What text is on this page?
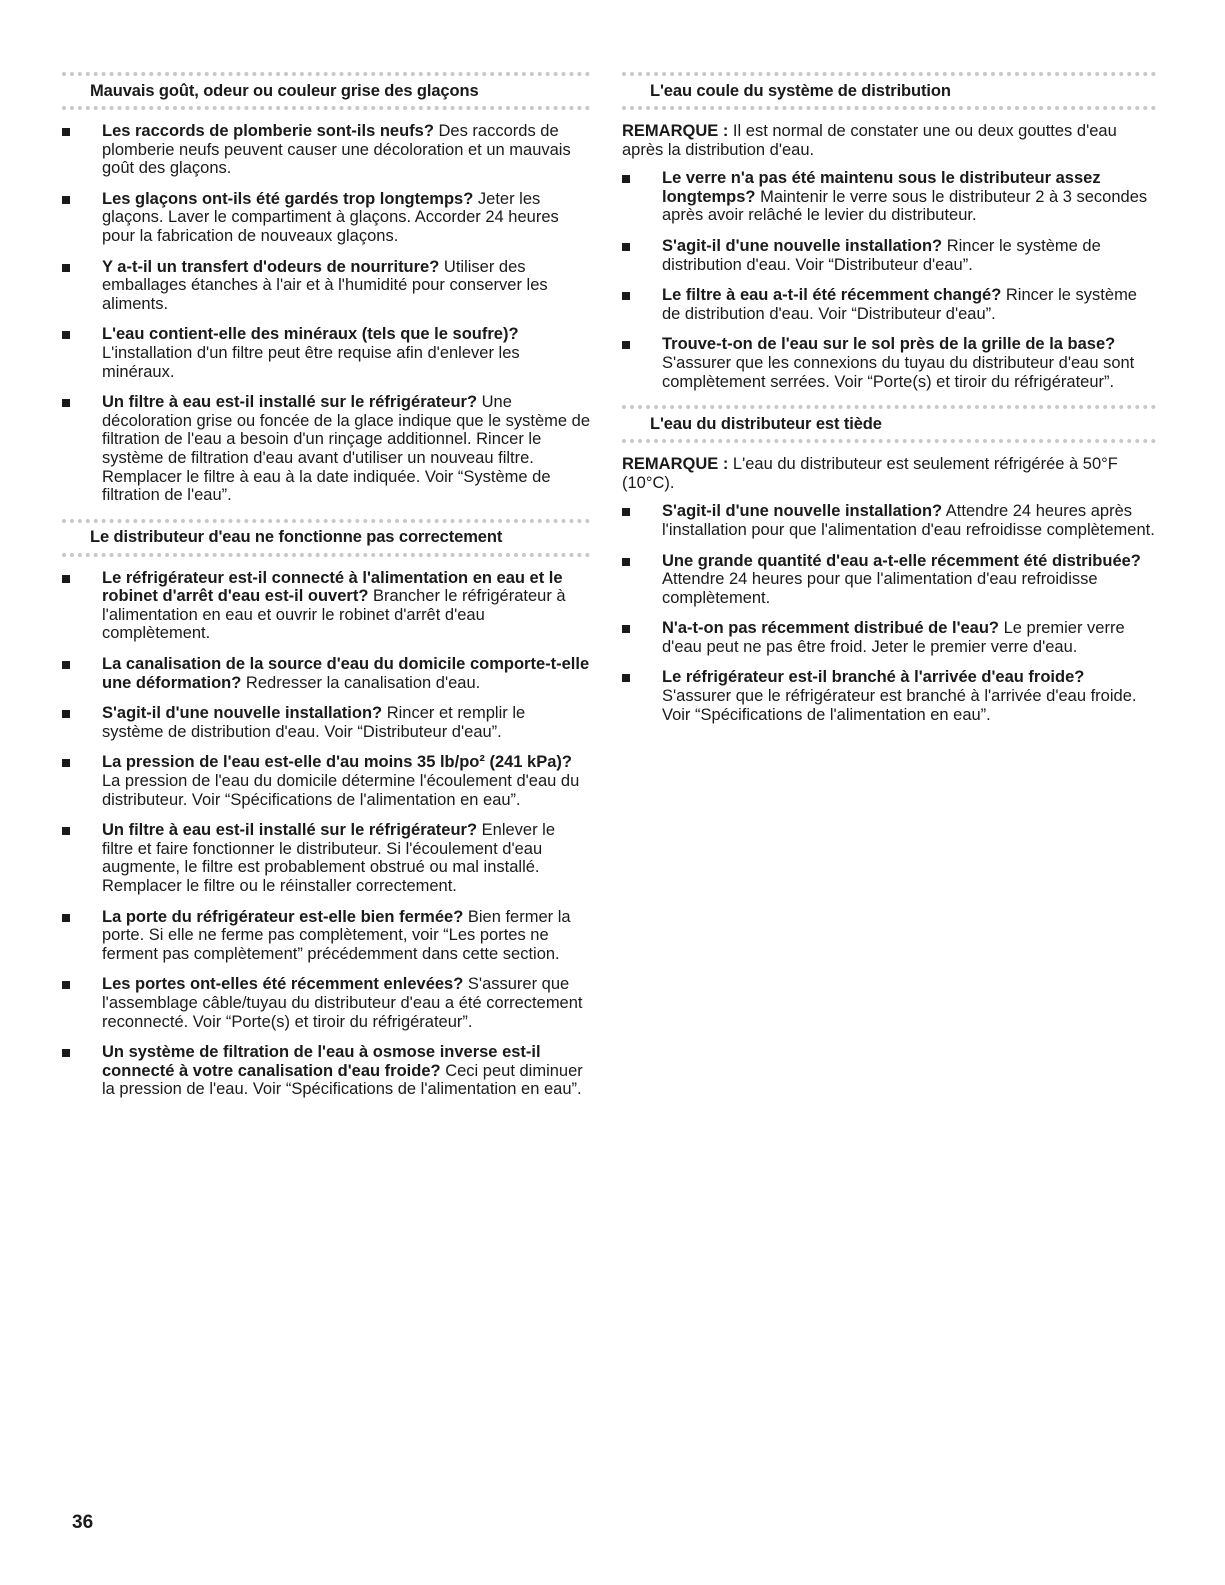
Mauvais goût, odeur ou couleur grise des glaçons
Les raccords de plomberie sont-ils neufs? Des raccords de plomberie neufs peuvent causer une décoloration et un mauvais goût des glaçons.
Les glaçons ont-ils été gardés trop longtemps? Jeter les glaçons. Laver le compartiment à glaçons. Accorder 24 heures pour la fabrication de nouveaux glaçons.
Y a-t-il un transfert d'odeurs de nourriture? Utiliser des emballages étanches à l'air et à l'humidité pour conserver les aliments.
L'eau contient-elle des minéraux (tels que le soufre)? L'installation d'un filtre peut être requise afin d'enlever les minéraux.
Un filtre à eau est-il installé sur le réfrigérateur? Une décoloration grise ou foncée de la glace indique que le système de filtration de l'eau a besoin d'un rinçage additionnel. Rincer le système de filtration d'eau avant d'utiliser un nouveau filtre. Remplacer le filtre à eau à la date indiquée. Voir “Système de filtration de l'eau”.
Le distributeur d'eau ne fonctionne pas correctement
Le réfrigérateur est-il connecté à l'alimentation en eau et le robinet d'arrêt d'eau est-il ouvert? Brancher le réfrigérateur à l'alimentation en eau et ouvrir le robinet d'arrêt d'eau complètement.
La canalisation de la source d'eau du domicile comporte-t-elle une déformation? Redresser la canalisation d'eau.
S'agit-il d'une nouvelle installation? Rincer et remplir le système de distribution d'eau. Voir “Distributeur d'eau”.
La pression de l'eau est-elle d'au moins 35 lb/po² (241 kPa)? La pression de l'eau du domicile détermine l'écoulement d'eau du distributeur. Voir “Spécifications de l'alimentation en eau”.
Un filtre à eau est-il installé sur le réfrigérateur? Enlever le filtre et faire fonctionner le distributeur. Si l'écoulement d'eau augmente, le filtre est probablement obstrué ou mal installé. Remplacer le filtre ou le réinstaller correctement.
La porte du réfrigérateur est-elle bien fermée? Bien fermer la porte. Si elle ne ferme pas complètement, voir “Les portes ne ferment pas complètement” précédemment dans cette section.
Les portes ont-elles été récemment enlevées? S'assurer que l'assemblage câble/tuyau du distributeur d'eau a été correctement reconnecté. Voir “Porte(s) et tiroir du réfrigérateur”.
Un système de filtration de l'eau à osmose inverse est-il connecté à votre canalisation d'eau froide? Ceci peut diminuer la pression de l'eau. Voir “Spécifications de l'alimentation en eau”.
L'eau coule du système de distribution

REMARQUE : Il est normal de constater une ou deux gouttes d'eau après la distribution d'eau.

Le verre n'a pas été maintenu sous le distributeur assez longtemps? Maintenir le verre sous le distributeur 2 à 3 secondes après avoir relâché le levier du distributeur.
S'agit-il d'une nouvelle installation? Rincer le système de distribution d'eau. Voir “Distributeur d'eau”.
Le filtre à eau a-t-il été récemment changé? Rincer le système de distribution d'eau. Voir “Distributeur d'eau”.
Trouve-t-on de l'eau sur le sol près de la grille de la base? S'assurer que les connexions du tuyau du distributeur d'eau sont complètement serrées. Voir “Porte(s) et tiroir du réfrigérateur”.
L'eau du distributeur est tiède

REMARQUE : L'eau du distributeur est seulement réfrigérée à 50°F (10°C).

S'agit-il d'une nouvelle installation? Attendre 24 heures après l'installation pour que l'alimentation d'eau refroidisse complètement.
Une grande quantité d'eau a-t-elle récemment été distribuée? Attendre 24 heures pour que l'alimentation d'eau refroidisse complètement.
N'a-t-on pas récemment distribué de l'eau? Le premier verre d'eau peut ne pas être froid. Jeter le premier verre d'eau.
Le réfrigérateur est-il branché à l'arrivée d'eau froide? S'assurer que le réfrigérateur est branché à l'arrivée d'eau froide. Voir “Spécifications de l'alimentation en eau”.
36
